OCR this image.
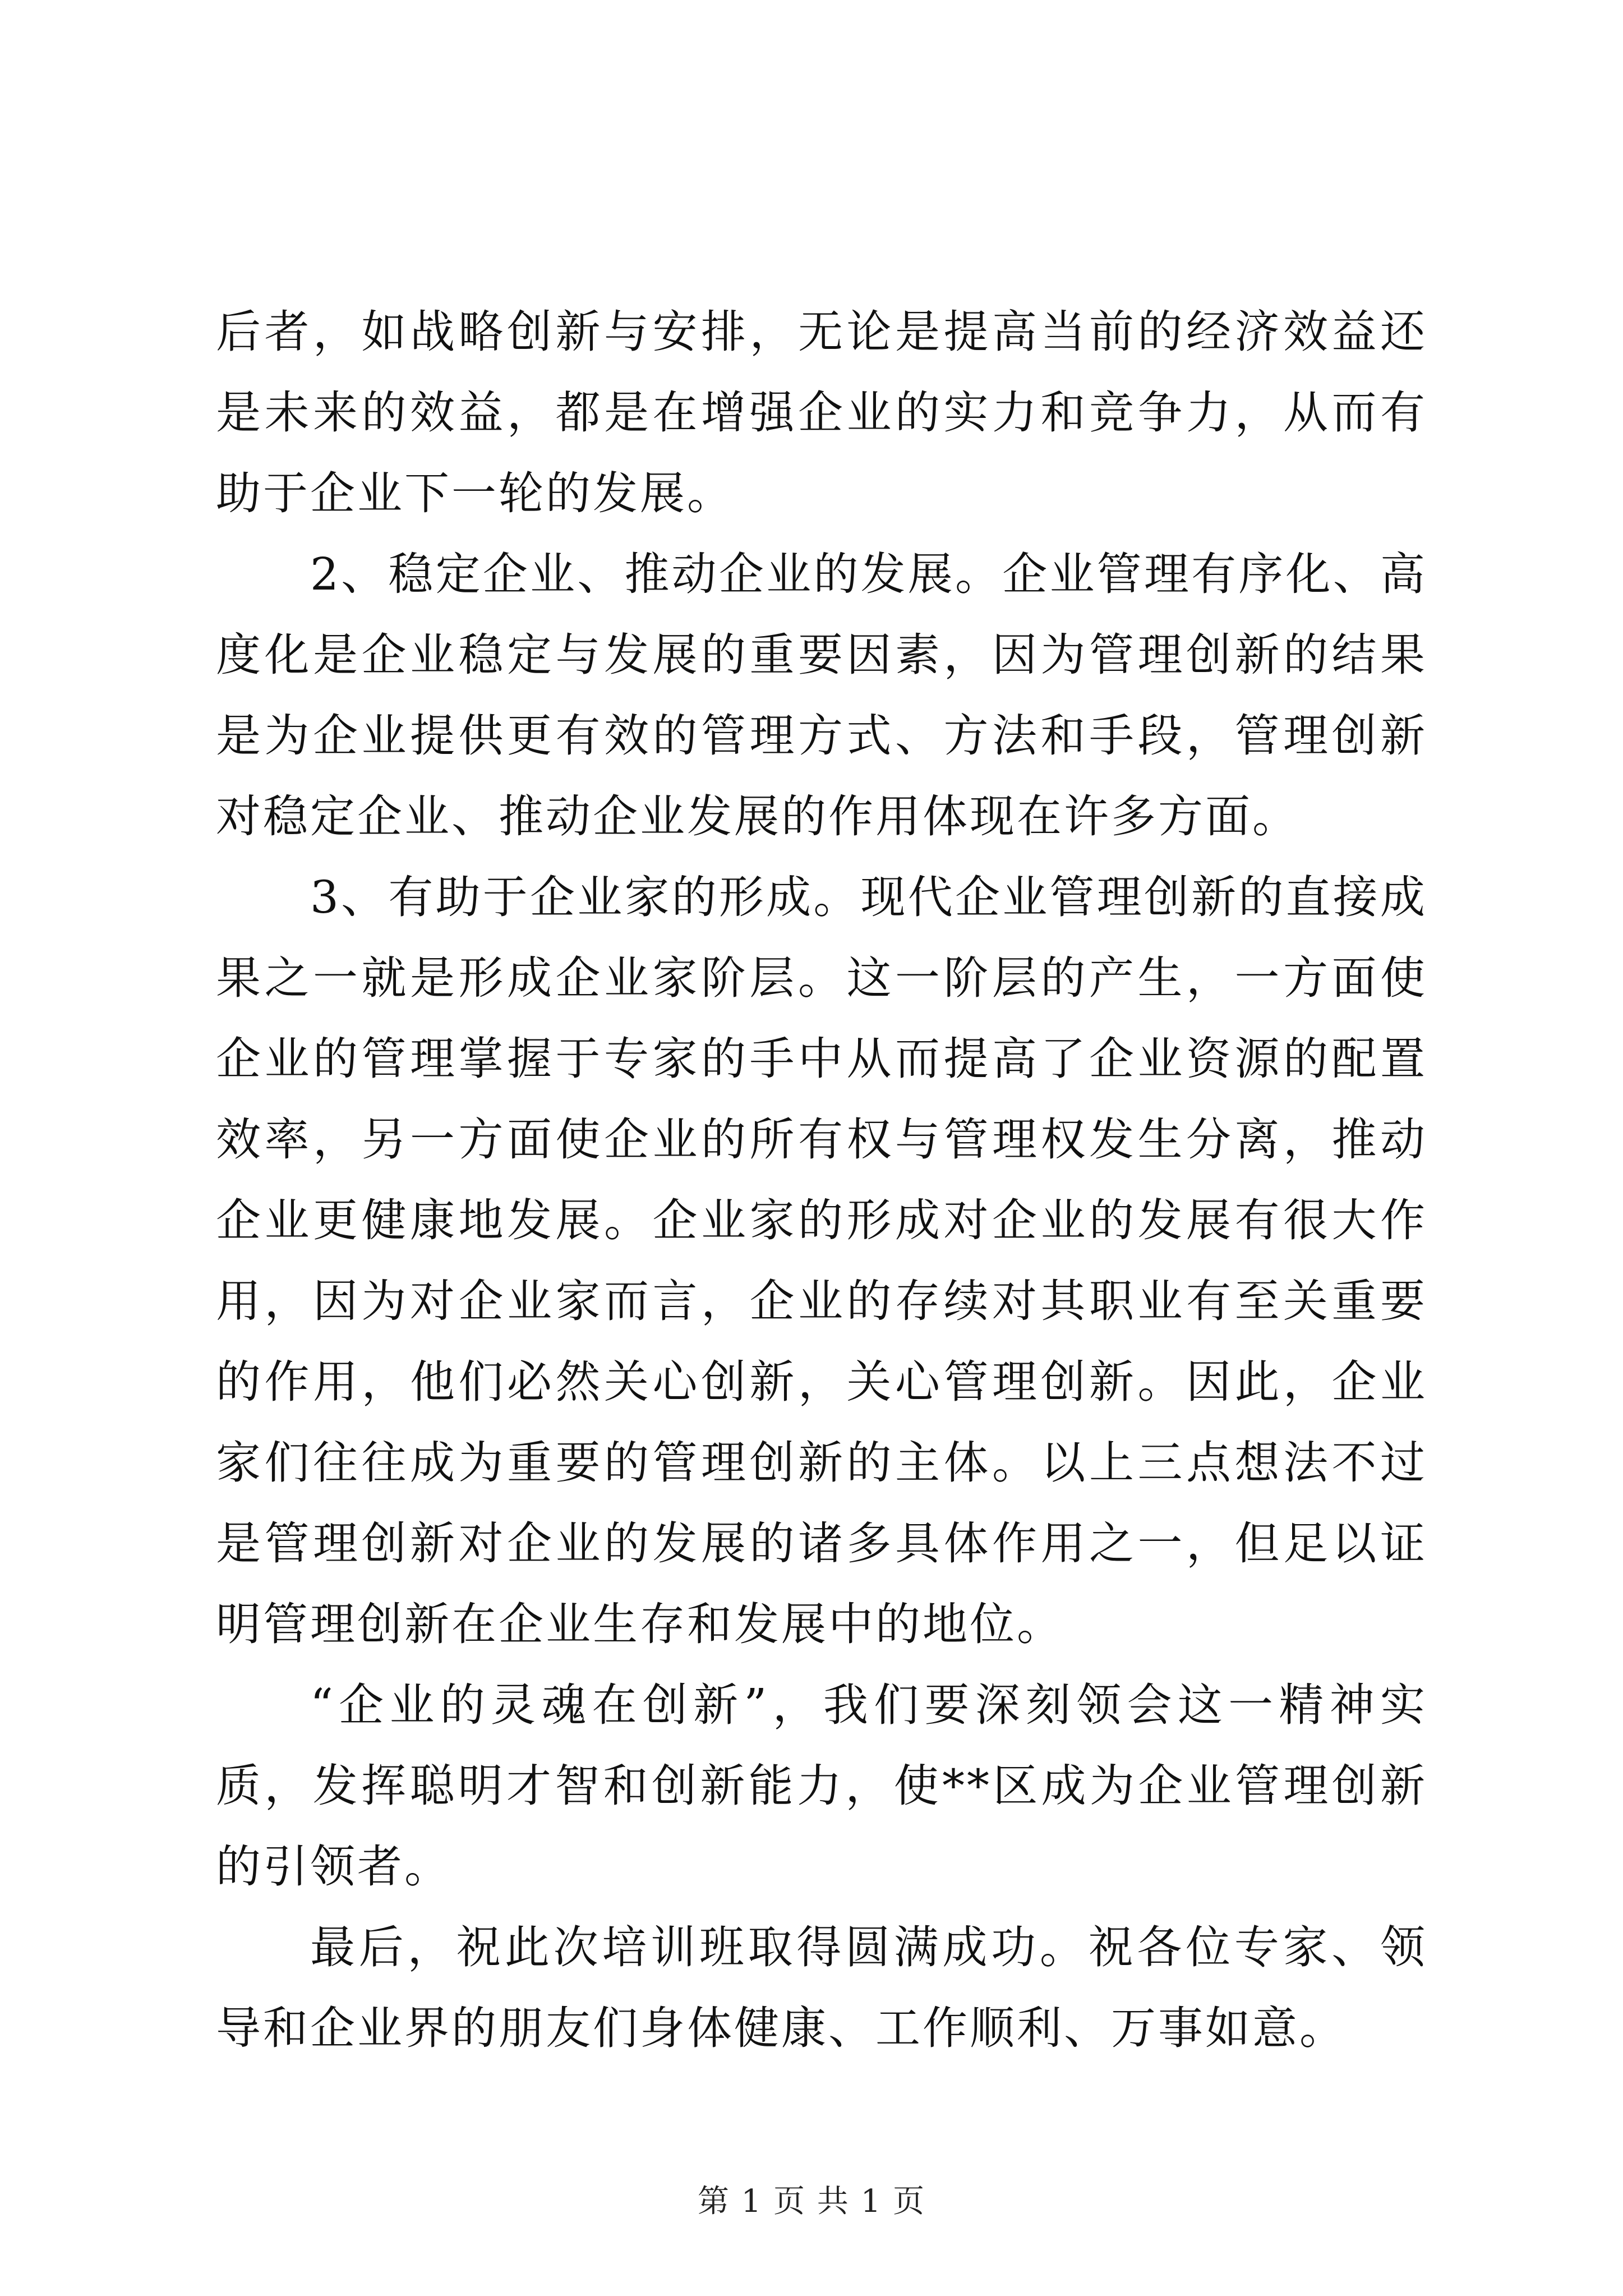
后者，如战略创新与安排，无论是提高当前的经济效益还是未来的效益，都是在增强企业的实力和竞争力，从而有助于企业下一轮的发展。

2、稳定企业、推动企业的发展。企业管理有序化、高度化是企业稳定与发展的重要因素，因为管理创新的结果是为企业提供更有效的管理方式、方法和手段，管理创新对稳定企业、推动企业发展的作用体现在许多方面。

3、有助于企业家的形成。现代企业管理创新的直接成果之一就是形成企业家阶层。这一阶层的产生，一方面使企业的管理掌握于专家的手中从而提高了企业资源的配置效率，另一方面使企业的所有权与管理权发生分离，推动企业更健康地发展。企业家的形成对企业的发展有很大作用，因为对企业家而言，企业的存续对其职业有至关重要的作用，他们必然关心创新，关心管理创新。因此，企业家们往往成为重要的管理创新的主体。以上三点想法不过是管理创新对企业的发展的诸多具体作用之一，但足以证明管理创新在企业生存和发展中的地位。

“企业的灵魂在创新”，我们要深刻领会这一精神实质，发挥聪明才智和创新能力，使**区成为企业管理创新的引领者。

最后，祝此次培训班取得圆满成功。祝各位专家、领导和企业界的朋友们身体健康、工作顺利、万事如意。

第 1 页 共 1 页
